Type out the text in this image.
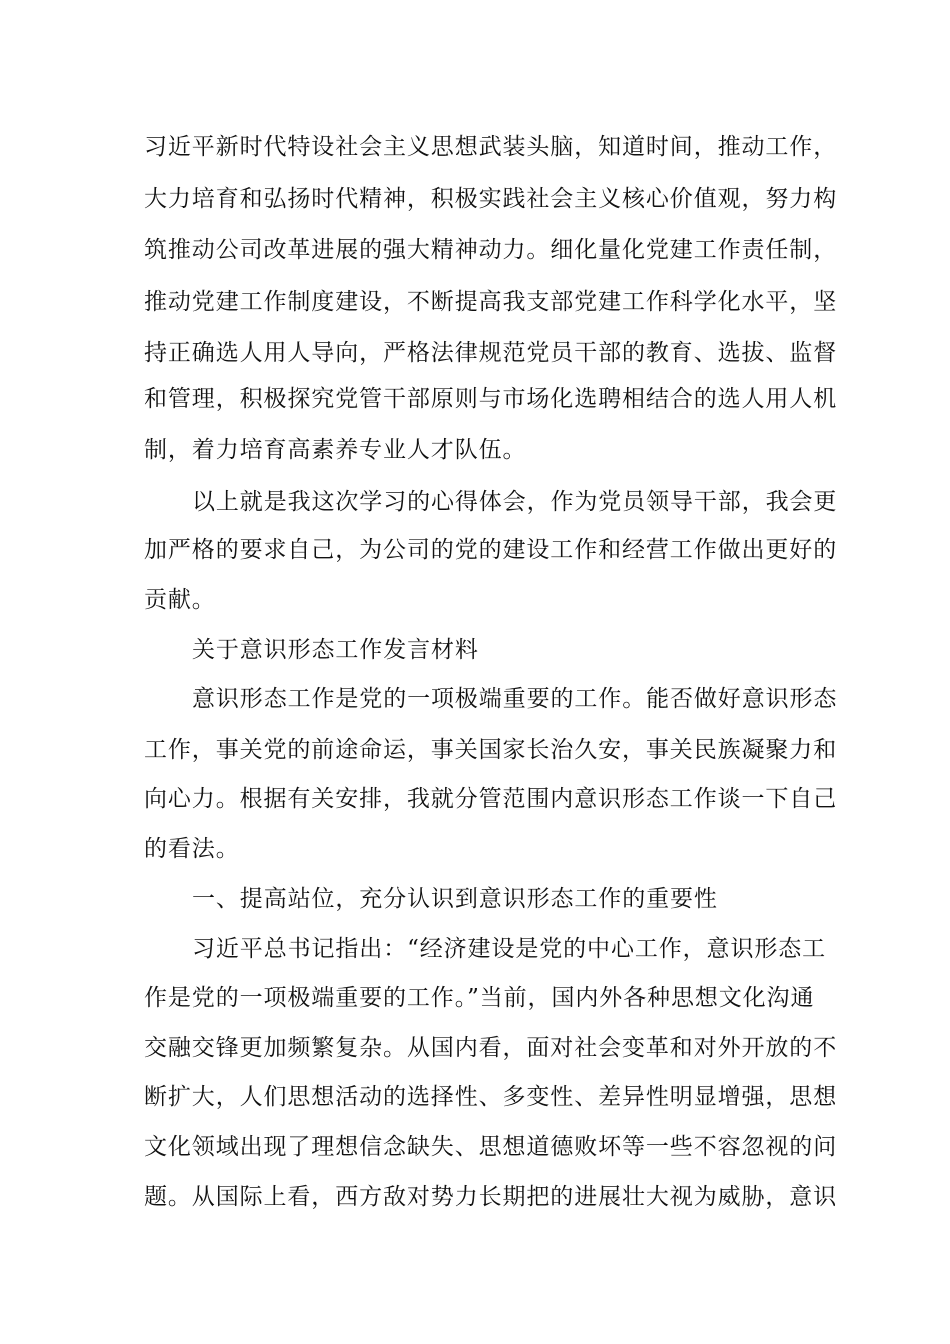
习近平新时代特设社会主义思想武装头脑，知道时间，推动工作，
大力培育和弘扬时代精神，积极实践社会主义核心价值观，努力构
筑推动公司改革进展的强大精神动力。细化量化党建工作责任制，
推动党建工作制度建设，不断提高我支部党建工作科学化水平，坚
持正确选人用人导向，严格法律规范党员干部的教育、选拔、监督
和管理，积极探究党管干部原则与市场化选聘相结合的选人用人机
制，着力培育高素养专业人才队伍。
以上就是我这次学习的心得体会，作为党员领导干部，我会更
加严格的要求自己，为公司的党的建设工作和经营工作做出更好的
贡献。
关于意识形态工作发言材料
意识形态工作是党的一项极端重要的工作。能否做好意识形态
工作，事关党的前途命运，事关国家长治久安，事关民族凝聚力和
向心力。根据有关安排，我就分管范围内意识形态工作谈一下自己
的看法。
一、提高站位，充分认识到意识形态工作的重要性
习近平总书记指出：“经济建设是党的中心工作，意识形态工
作是党的一项极端重要的工作。”当前，国内外各种思想文化沟通
交融交锋更加频繁复杂。从国内看，面对社会变革和对外开放的不
断扩大，人们思想活动的选择性、多变性、差异性明显增强，思想
文化领域出现了理想信念缺失、思想道德败坏等一些不容忽视的问
题。从国际上看，西方敌对势力长期把的进展壮大视为威胁，意识
